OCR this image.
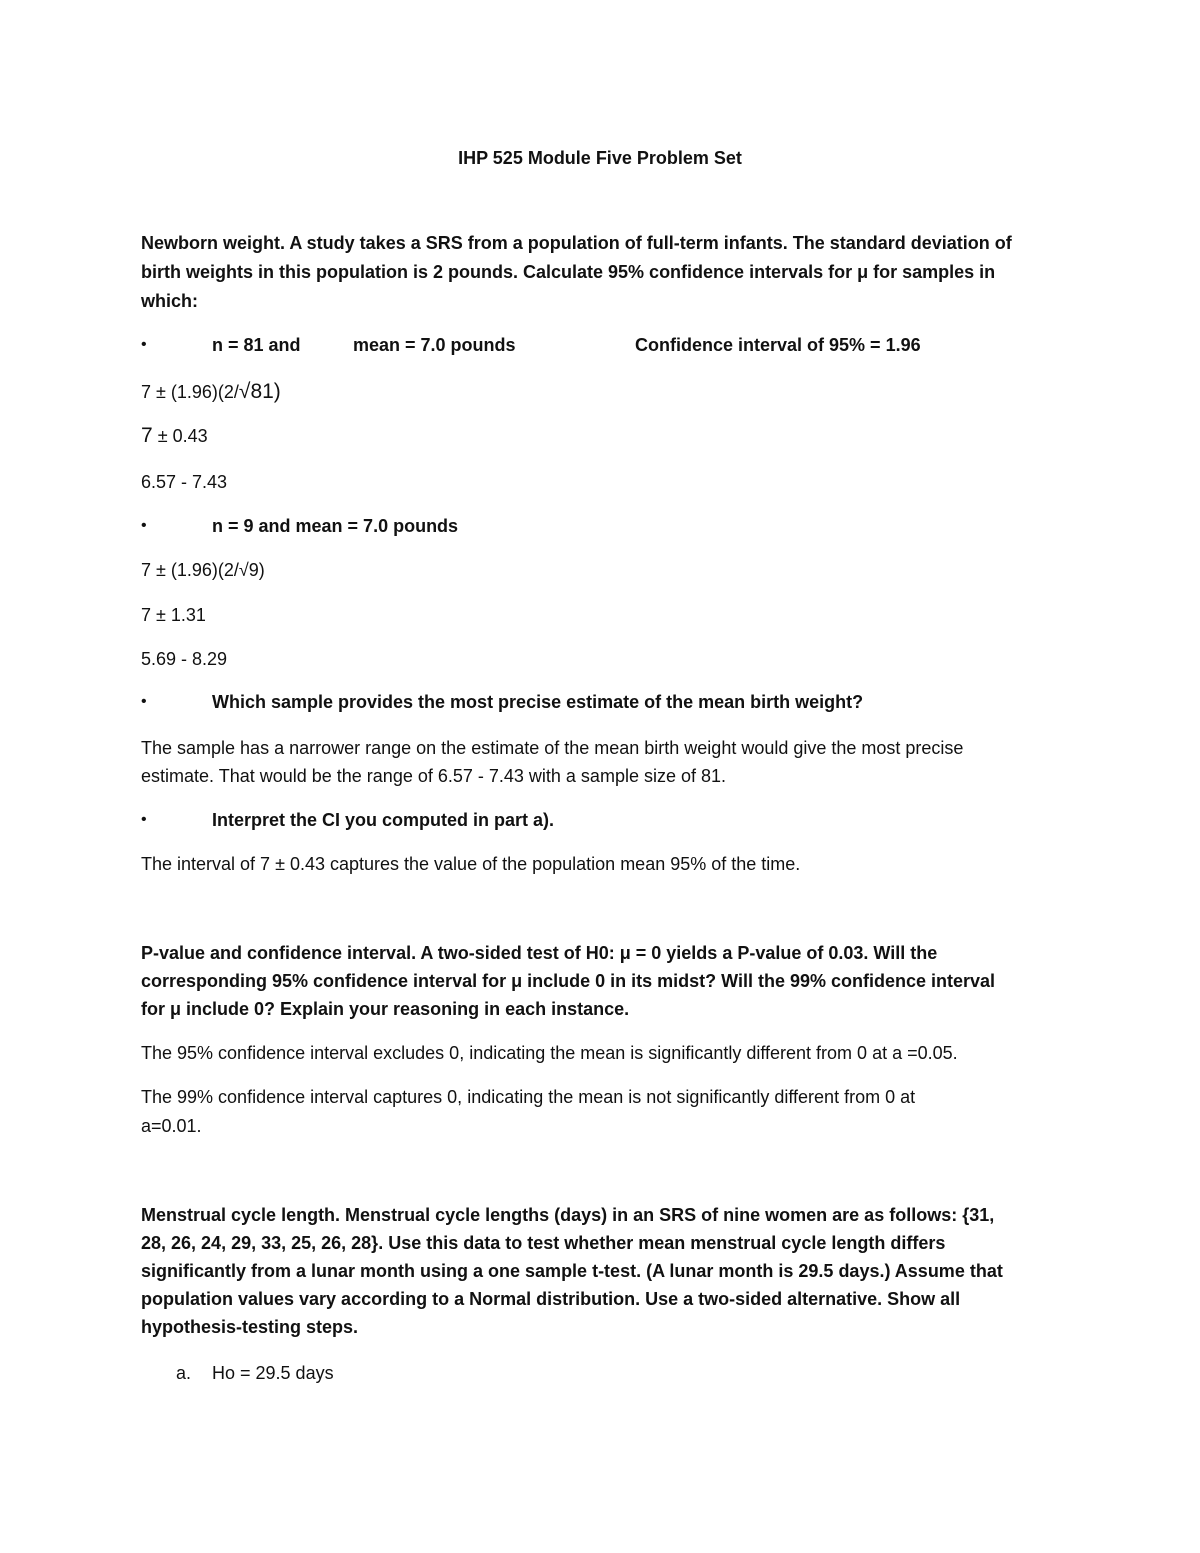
IHP 525 Module Five Problem Set
Newborn weight. A study takes a SRS from a population of full-term infants. The standard deviation of
birth weights in this population is 2 pounds. Calculate 95% confidence intervals for μ for samples in
which:
•	n = 81 and	mean = 7.0 pounds	Confidence interval of 95% = 1.96
7 ± (1.96)(2/√81)
7 ± 0.43
6.57 - 7.43
•	n = 9 and mean = 7.0 pounds
7 ± (1.96)(2/√9)
7 ± 1.31
5.69 - 8.29
•	Which sample provides the most precise estimate of the mean birth weight?
The sample has a narrower range on the estimate of the mean birth weight would give the most precise
estimate. That would be the range of 6.57 - 7.43 with a sample size of 81.
•	Interpret the CI you computed in part a).
The interval of 7 ± 0.43 captures the value of the population mean 95% of the time.
P-value and confidence interval. A two-sided test of H0: μ = 0 yields a P-value of 0.03. Will the
corresponding 95% confidence interval for μ include 0 in its midst? Will the 99% confidence interval
for μ include 0? Explain your reasoning in each instance.
The 95% confidence interval excludes 0, indicating the mean is significantly different from 0 at a =0.05.
The 99% confidence interval captures 0, indicating the mean is not significantly different from 0 at
a=0.01.
Menstrual cycle length. Menstrual cycle lengths (days) in an SRS of nine women are as follows: {31,
28, 26, 24, 29, 33, 25, 26, 28}. Use this data to test whether mean menstrual cycle length differs
significantly from a lunar month using a one sample t-test. (A lunar month is 29.5 days.) Assume that
population values vary according to a Normal distribution. Use a two-sided alternative. Show all
hypothesis-testing steps.
a. Ho = 29.5 days
